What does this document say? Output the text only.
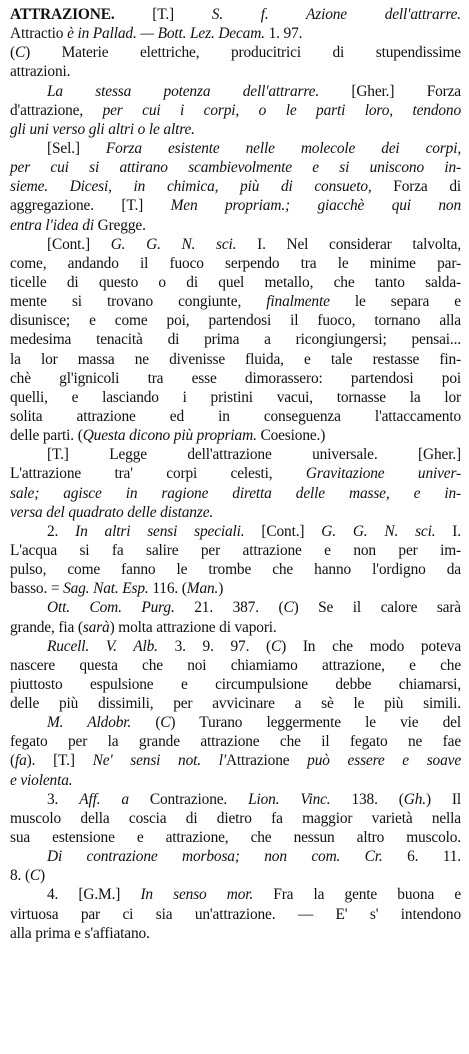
ATTRAZIONE. [T.] S. f. Azione dell'attrarre.
Attractio è in Pallad. — Bott. Lez. Decam. 1. 97.
(C) Materie elettriche, producitrici di stupendissime
attrazioni.
La stessa potenza dell'attrarre. [Gher.] Forza
d'attrazione, per cui i corpi, o le parti loro, tendono
gli uni verso gli altri o le altre.
[Sel.] Forza esistente nelle molecole dei corpi,
per cui si attirano scambievolmente e si uniscono in-
sieme. Dicesi, in chimica, più di consueto, Forza di
aggregazione. [T.] Men propriam.; giacchè qui non
entra l'idea di Gregge.
[Cont.] G. G. N. sci. I. Nel considerar talvolta,
come, andando il fuoco serpendo tra le minime par-
ticelle di questo o di quel metallo, che tanto salda-
mente si trovano congiunte, finalmente le separa e
disunisce; e come poi, partendosi il fuoco, tornano alla
medesima tenacità di prima a ricongiungersi; pensai...
la lor massa ne divenisse fluida, e tale restasse fin-
chè gl'ignicoli tra esse dimorassero: partendosi poi
quelli, e lasciando i pristini vacui, tornasse la lor
solita attrazione ed in conseguenza l'attaccamento
delle parti. (Questa dicono più propriam. Coesione.)
[T.] Legge dell'attrazione universale. [Gher.]
L'attrazione tra' corpi celesti, Gravitazione univer-
sale; agisce in ragione diretta delle masse, e in-
versa del quadrato delle distanze.
2. In altri sensi speciali. [Cont.] G. G. N. sci. I.
L'acqua si fa salire per attrazione e non per im-
pulso, come fanno le trombe che hanno l'ordigno da
basso. = Sag. Nat. Esp. 116. (Man.)
Ott. Com. Purg. 21. 387. (C) Se il calore sarà
grande, fia (sarà) molta attrazione di vapori.
Rucell. V. Alb. 3. 9. 97. (C) In che modo poteva
nascere questa che noi chiamiamo attrazione, e che
piuttosto espulsione e circumpulsione debbe chiamarsi,
delle più dissimili, per avvicinare a sè le più simili.
M. Aldobr. (C) Turano leggermente le vie del
fegato per la grande attrazione che il fegato ne fae
(fa). [T.] Ne' sensi not. l'Attrazione può essere e soave
e violenta.
3. Aff. a Contrazione. Lion. Vinc. 138. (Gh.) Il
muscolo della coscia di dietro fa maggior varietà nella
sua estensione e attrazione, che nessun altro muscolo.
Di contrazione morbosa; non com. Cr. 6. 11.
8. (C)
4. [G.M.] In senso mor. Fra la gente buona e
virtuosa par ci sia un'attrazione. — E' s' intendono
alla prima e s'affiatano.
